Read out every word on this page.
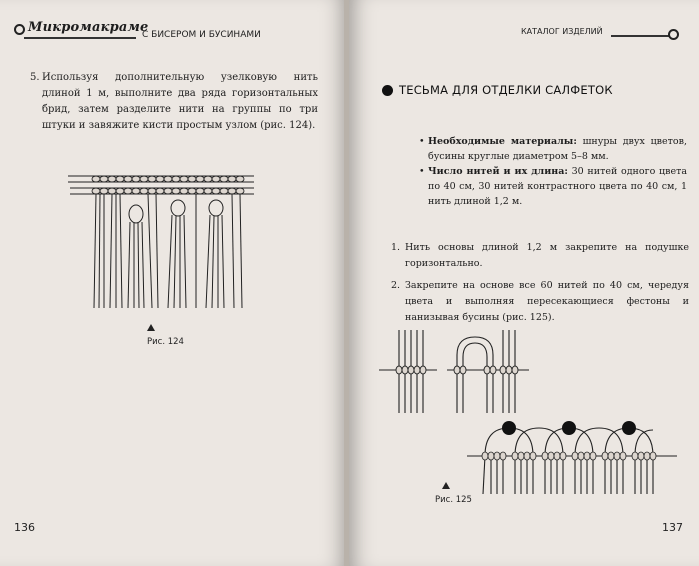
Микромакраме
С БИСЕРОМ И БУСИНАМИ
5. Используя дополнительную узелковую нить длиной 1 м, выполните два ряда горизонтальных брид, затем разделите нити на группы по три штуки и завяжите кисти простым узлом (рис. 124).
Рис. 124
136
КАТАЛОГ ИЗДЕЛИЙ
ТЕСЬМА ДЛЯ ОТДЕЛКИ САЛФЕТОК
• Необходимые материалы: шнуры двух цветов, бусины круглые диаметром 5–8 мм.
• Число нитей и их длина: 30 нитей одного цвета по 40 см, 30 нитей контрастного цвета по 40 см, 1 нить длиной 1,2 м.
1. Нить основы длиной 1,2 м закрепите на подушке горизонтально.
2. Закрепите на основе все 60 нитей по 40 см, чередуя цвета и выполняя пересекающиеся фестоны и нанизывая бусины (рис. 125).
Рис. 125
137
